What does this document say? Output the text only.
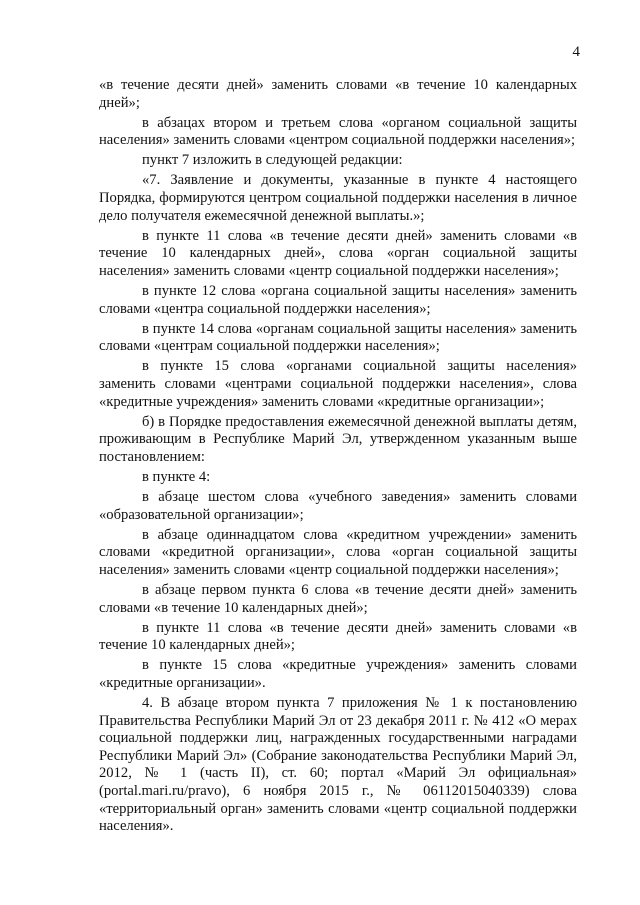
4

«в течение десяти дней» заменить словами «в течение 10 календарных дней»;

в абзацах втором и третьем слова «органом социальной защиты населения» заменить словами «центром социальной поддержки населения»;

пункт 7 изложить в следующей редакции:

«7. Заявление и документы, указанные в пункте 4 настоящего Порядка, формируются центром социальной поддержки населения в личное дело получателя ежемесячной денежной выплаты.»;

в пункте 11 слова «в течение десяти дней» заменить словами «в течение 10 календарных дней», слова «орган социальной защиты населения» заменить словами «центр социальной поддержки населения»;

в пункте 12 слова «органа социальной защиты населения» заменить словами «центра социальной поддержки населения»;

в пункте 14 слова «органам социальной защиты населения» заменить словами «центрам социальной поддержки населения»;

в пункте 15 слова «органами социальной защиты населения» заменить словами «центрами социальной поддержки населения», слова «кредитные учреждения» заменить словами «кредитные организации»;

б) в Порядке предоставления ежемесячной денежной выплаты детям, проживающим в Республике Марий Эл, утвержденном указанным выше постановлением:

в пункте 4:

в абзаце шестом слова «учебного заведения» заменить словами «образовательной организации»;

в абзаце одиннадцатом слова «кредитном учреждении» заменить словами «кредитной организации», слова «орган социальной защиты населения» заменить словами «центр социальной поддержки населения»;

в абзаце первом пункта 6 слова «в течение десяти дней» заменить словами «в течение 10 календарных дней»;

в пункте 11 слова «в течение десяти дней» заменить словами «в течение 10 календарных дней»;

в пункте 15 слова «кредитные учреждения» заменить словами «кредитные организации».

4. В абзаце втором пункта 7 приложения № 1 к постановлению Правительства Республики Марий Эл от 23 декабря 2011 г. № 412 «О мерах социальной поддержки лиц, награжденных государственными наградами Республики Марий Эл» (Собрание законодательства Республики Марий Эл, 2012, № 1 (часть II), ст. 60; портал «Марий Эл официальная» (portal.mari.ru/pravo), 6 ноября 2015 г., № 06112015040339) слова «территориальный орган» заменить словами «центр социальной поддержки населения».
